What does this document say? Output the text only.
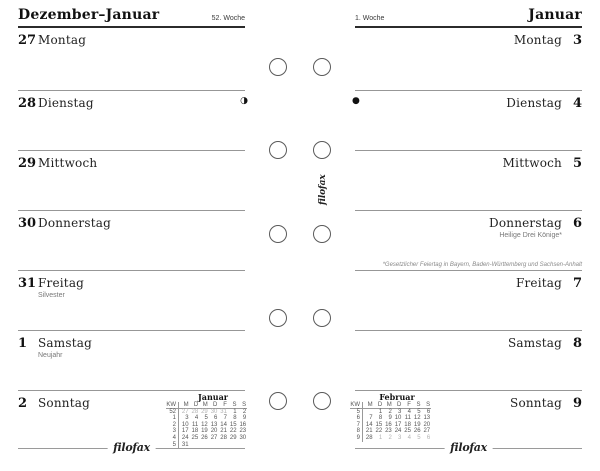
Dezember–Januar	52. Woche
27 Montag
28 Dienstag	◑
29 Mittwoch
30 Donnerstag
31 Freitag
Silvester
1 Samstag
Neujahr
2 Sonntag	Januar
KW	M D M D F S S
52 27 28 29 30 31	1	2
1	3	4	5	6	7	8	9
2 10 11 12 13 14 15 16
3 17 18 19 20 21 22 23
4 24 25 26 27 28 29 30
5 31
filofax
1. Woche	Januar
Montag 3
Dienstag 4
●
Mittwoch 5
Donnerstag 6
Heilige Drei Könige*
*Gesetzlicher Feiertag in Bayern, Baden-Württemberg und Sachsen-Anhalt
Freitag 7
Samstag 8
Sonntag 9
Februar
KW	M D M D F S S
5	1	2	3	4	5	6
6	7	8	9 10 11 12 13
7 14 15 16 17 18 19 20
8 21 22 23 24 25 26 27
9 28	1	2	3	4	5	6
filofax
filofax
